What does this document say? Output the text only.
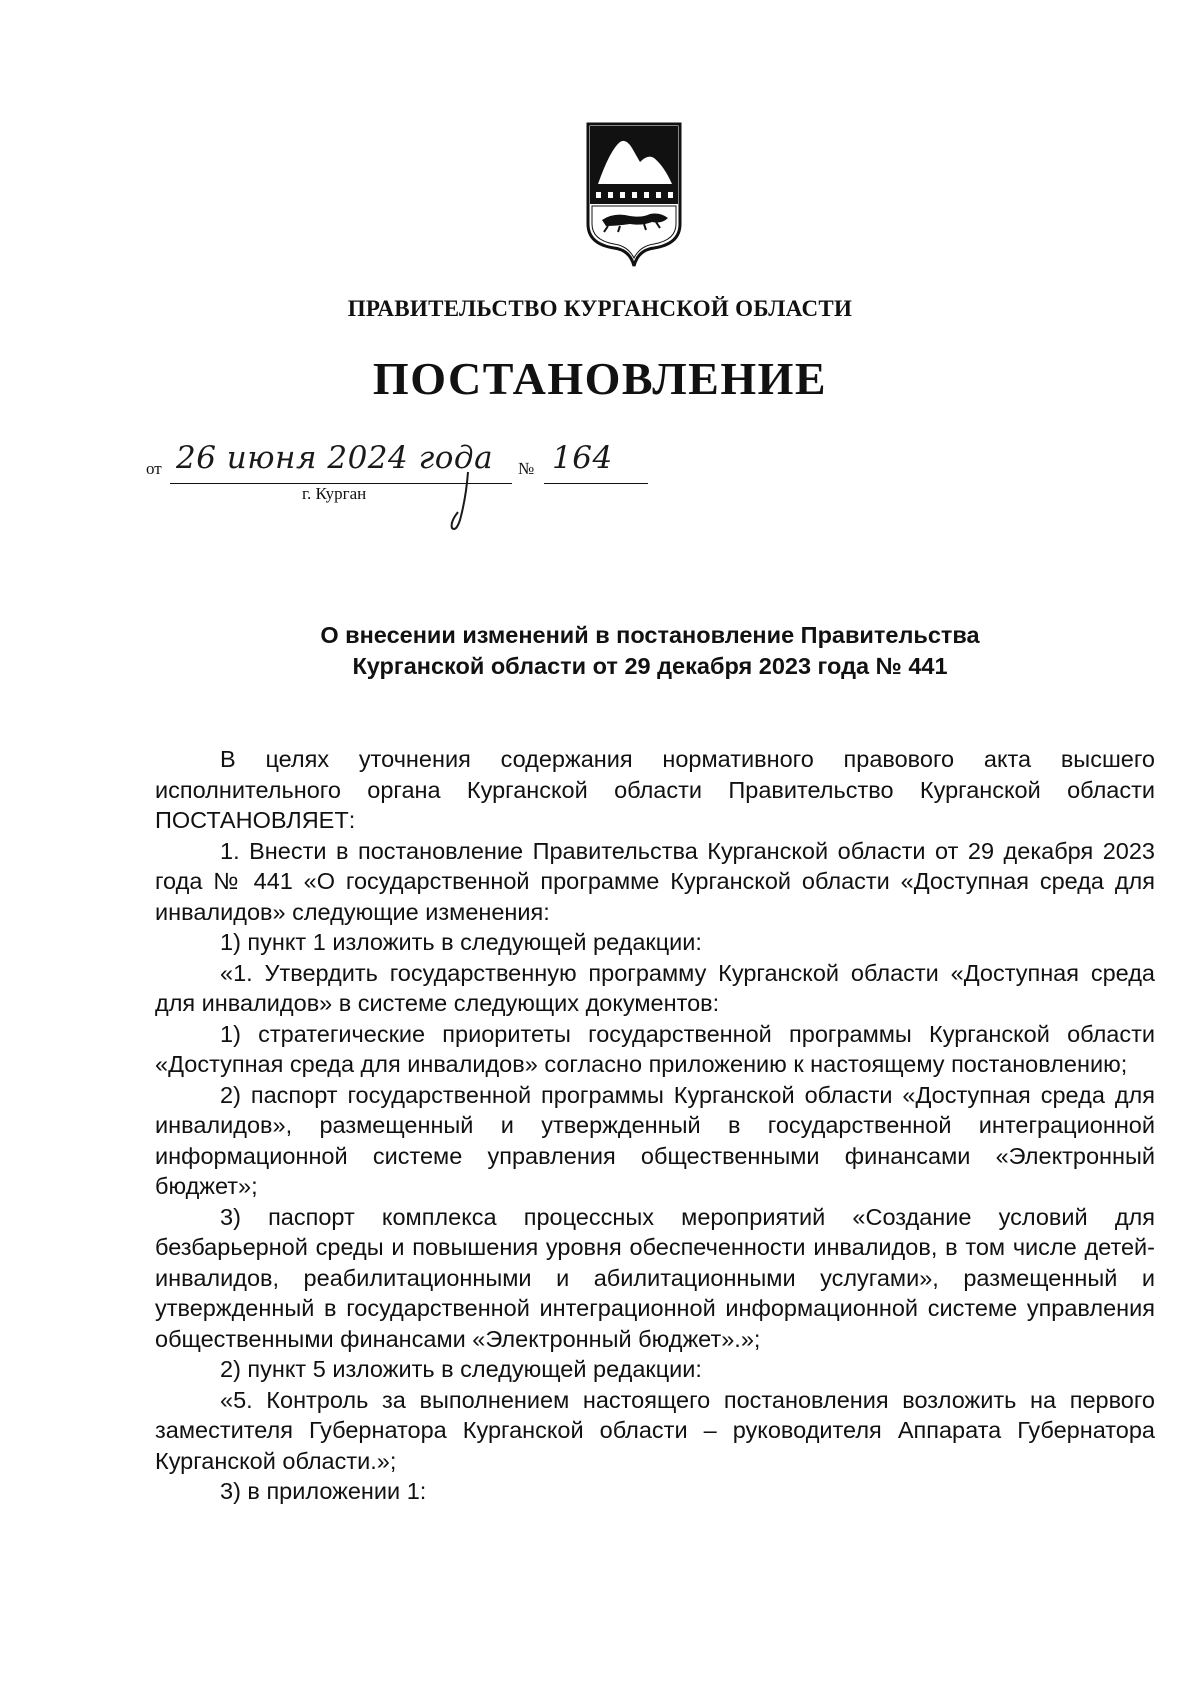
ПРАВИТЕЛЬСТВО КУРГАНСКОЙ ОБЛАСТИ
ПОСТАНОВЛЕНИЕ
от 26 июня 2024 года № 164
г. Курган
О внесении изменений в постановление Правительства
Курганской области от 29 декабря 2023 года № 441

В целях уточнения содержания нормативного правового акта высшего исполнительного органа Курганской области Правительство Курганской области ПОСТАНОВЛЯЕТ:

1. Внести в постановление Правительства Курганской области от 29 декабря 2023 года № 441 «О государственной программе Курганской области «Доступная среда для инвалидов» следующие изменения:

1) пункт 1 изложить в следующей редакции:

«1. Утвердить государственную программу Курганской области «Доступная среда для инвалидов» в системе следующих документов:

1) стратегические приоритеты государственной программы Курганской области «Доступная среда для инвалидов» согласно приложению к настоящему постановлению;

2) паспорт государственной программы Курганской области «Доступная среда для инвалидов», размещенный и утвержденный в государственной интеграционной информационной системе управления общественными финансами «Электронный бюджет»;

3) паспорт комплекса процессных мероприятий «Создание условий для безбарьерной среды и повышения уровня обеспеченности инвалидов, в том числе детей-инвалидов, реабилитационными и абилитационными услугами», размещенный и утвержденный в государственной интеграционной информационной системе управления общественными финансами «Электронный бюджет».»;

2) пункт 5 изложить в следующей редакции:

«5. Контроль за выполнением настоящего постановления возложить на первого заместителя Губернатора Курганской области – руководителя Аппарата Губернатора Курганской области.»;

3) в приложении 1:
